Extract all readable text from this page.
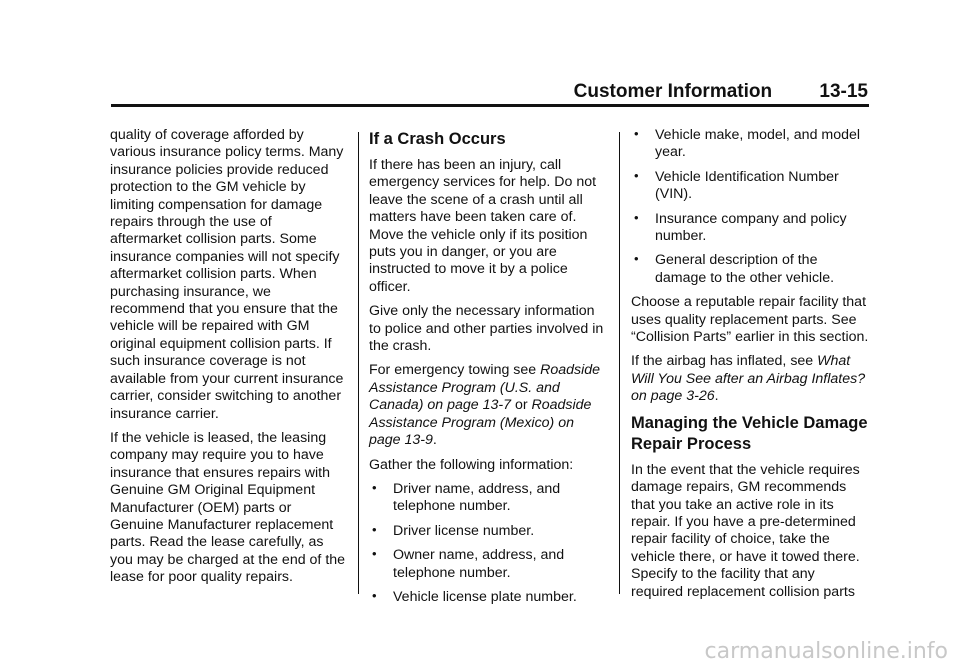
Customer Information 13-15

quality of coverage afforded by various insurance policy terms. Many insurance policies provide reduced protection to the GM vehicle by limiting compensation for damage repairs through the use of aftermarket collision parts. Some insurance companies will not specify aftermarket collision parts. When purchasing insurance, we recommend that you ensure that the vehicle will be repaired with GM original equipment collision parts. If such insurance coverage is not available from your current insurance carrier, consider switching to another insurance carrier.

If the vehicle is leased, the leasing company may require you to have insurance that ensures repairs with Genuine GM Original Equipment Manufacturer (OEM) parts or Genuine Manufacturer replacement parts. Read the lease carefully, as you may be charged at the end of the lease for poor quality repairs.

If a Crash Occurs

If there has been an injury, call emergency services for help. Do not leave the scene of a crash until all matters have been taken care of. Move the vehicle only if its position puts you in danger, or you are instructed to move it by a police officer.

Give only the necessary information to police and other parties involved in the crash.

For emergency towing see Roadside Assistance Program (U.S. and Canada) on page 13-7 or Roadside Assistance Program (Mexico) on page 13-9.

Gather the following information:

• Driver name, address, and telephone number.
• Driver license number.
• Owner name, address, and telephone number.
• Vehicle license plate number.
• Vehicle make, model, and model year.
• Vehicle Identification Number (VIN).
• Insurance company and policy number.
• General description of the damage to the other vehicle.

Choose a reputable repair facility that uses quality replacement parts. See “Collision Parts” earlier in this section.

If the airbag has inflated, see What Will You See after an Airbag Inflates? on page 3-26.

Managing the Vehicle Damage Repair Process

In the event that the vehicle requires damage repairs, GM recommends that you take an active role in its repair. If you have a pre-determined repair facility of choice, take the vehicle there, or have it towed there. Specify to the facility that any required replacement collision parts

carmanualsonline.info
